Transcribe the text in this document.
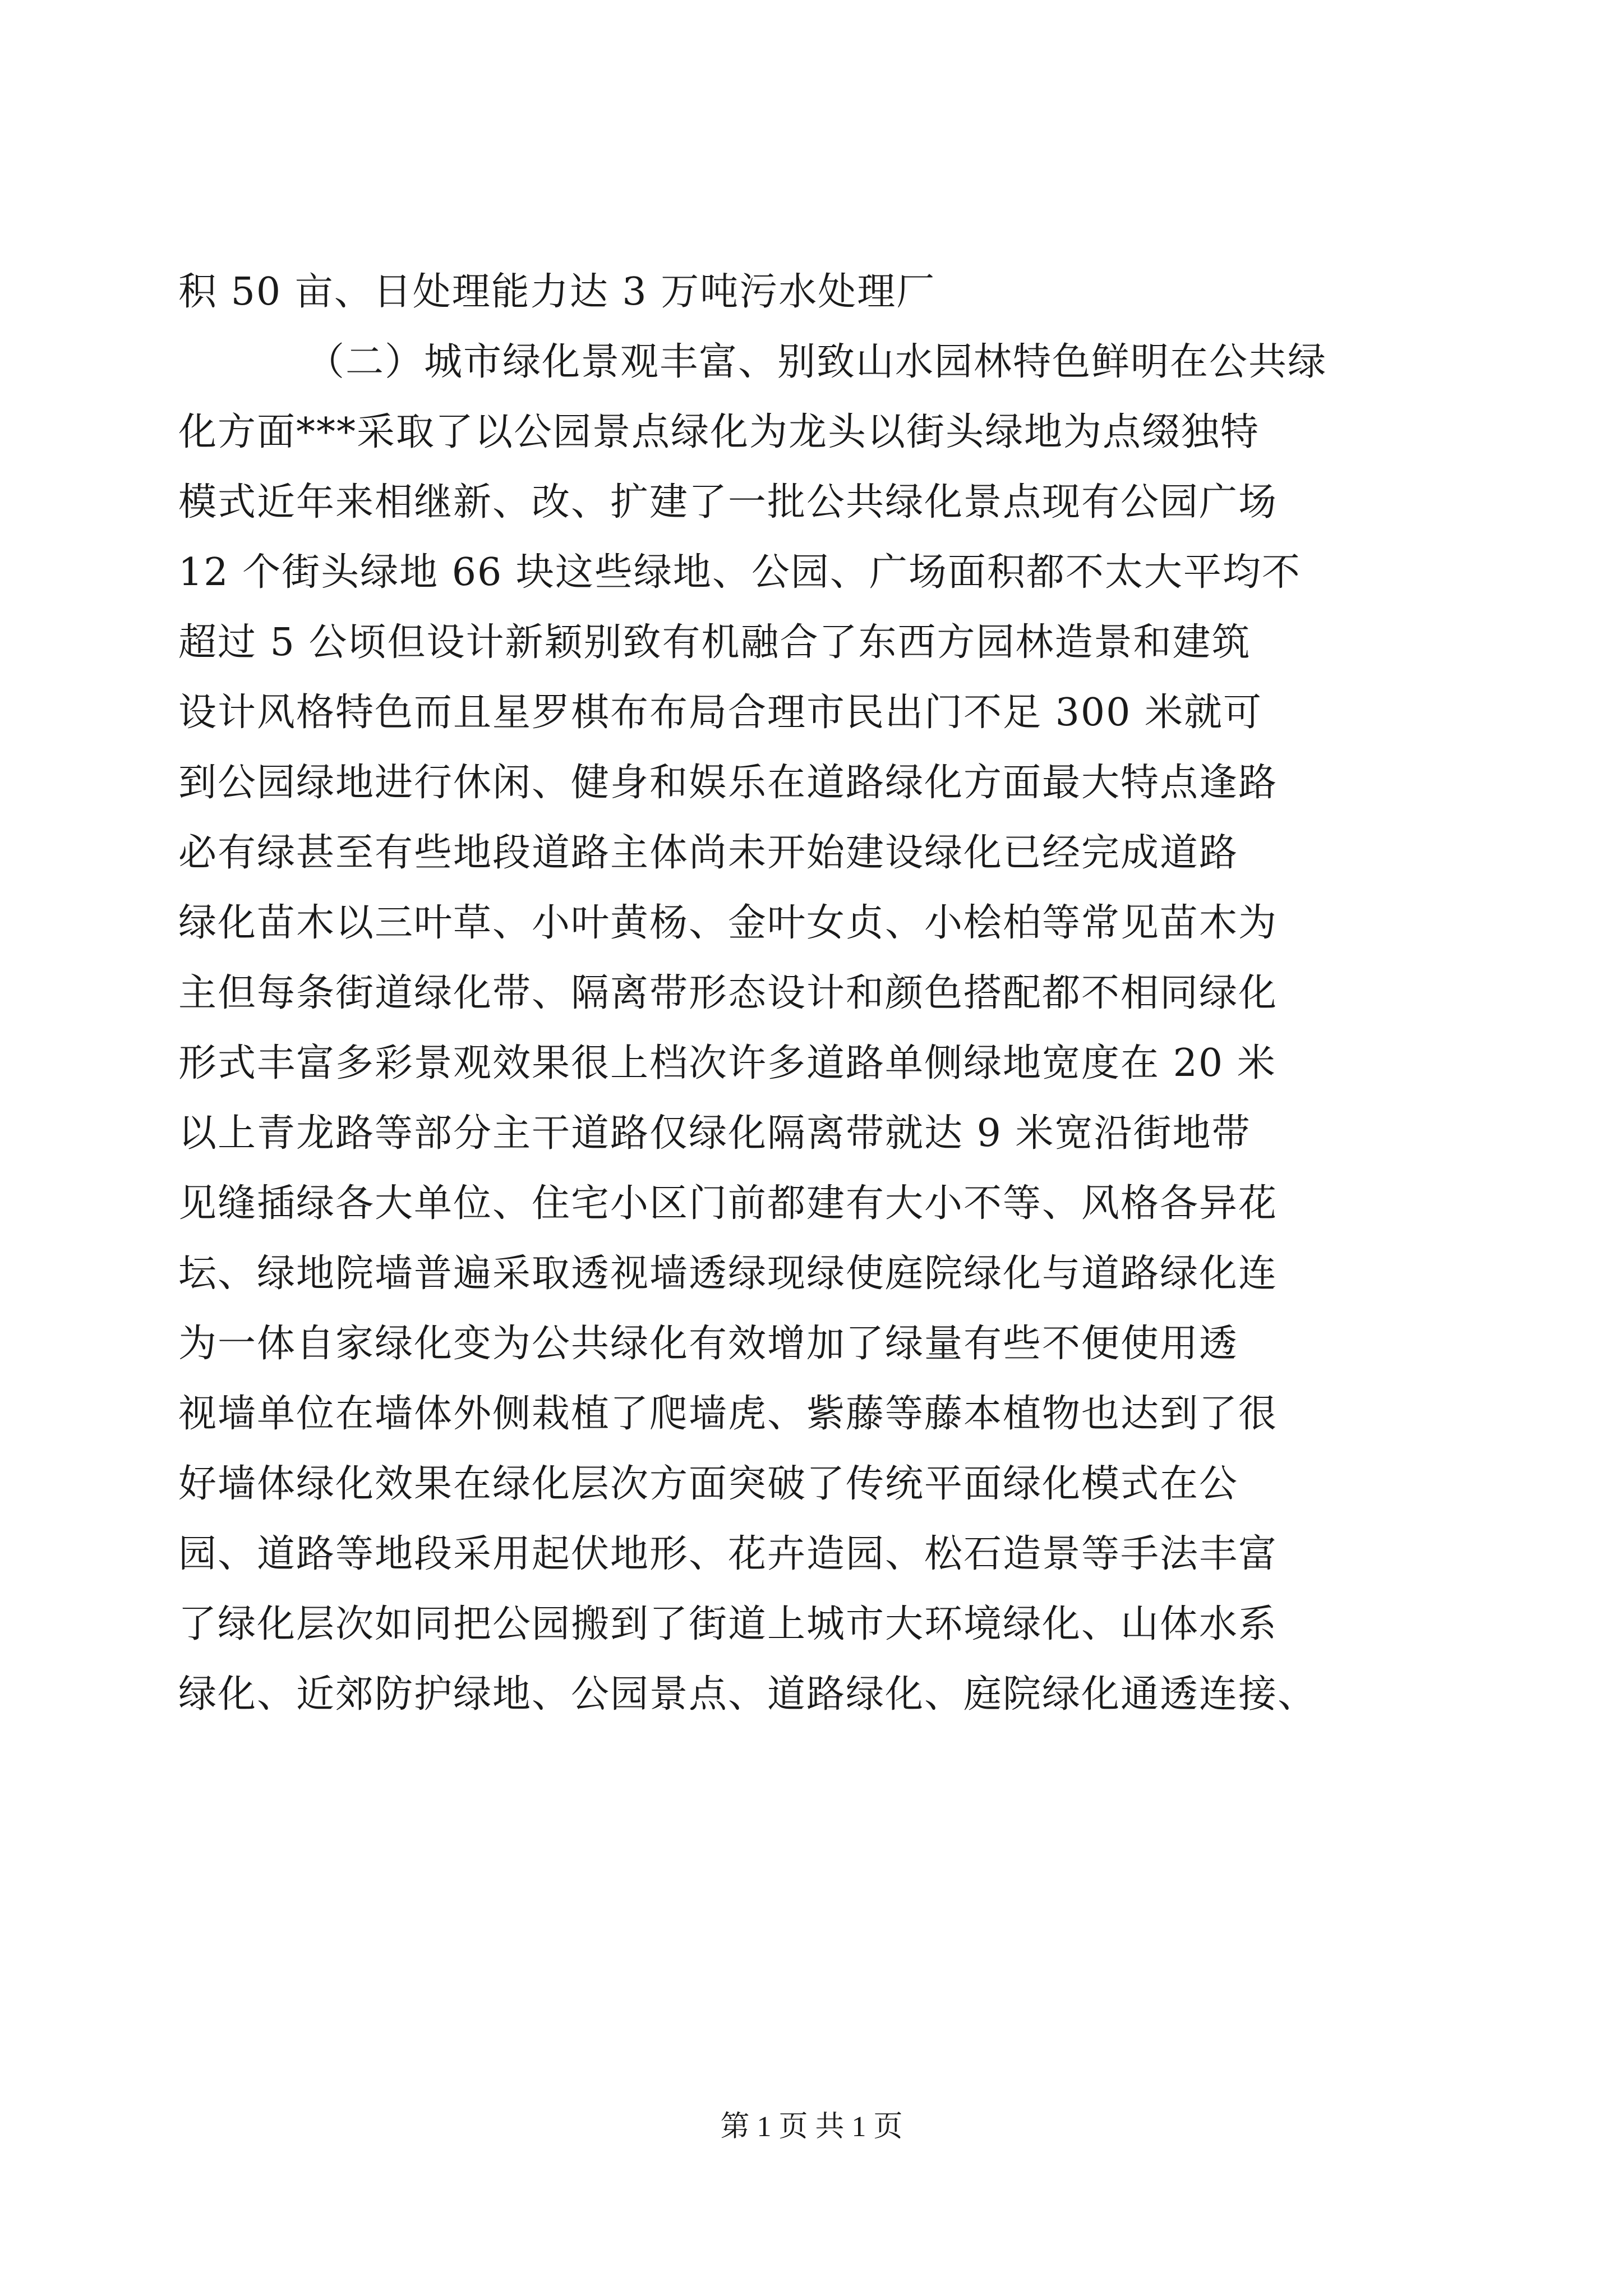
积 50 亩、日处理能力达 3 万吨污水处理厂
（二）城市绿化景观丰富、别致山水园林特色鲜明在公共绿
化方面***采取了以公园景点绿化为龙头以街头绿地为点缀独特
模式近年来相继新、改、扩建了一批公共绿化景点现有公园广场
12 个街头绿地 66 块这些绿地、公园、广场面积都不太大平均不
超过 5 公顷但设计新颖别致有机融合了东西方园林造景和建筑
设计风格特色而且星罗棋布布局合理市民出门不足 300 米就可
到公园绿地进行休闲、健身和娱乐在道路绿化方面最大特点逢路
必有绿甚至有些地段道路主体尚未开始建设绿化已经完成道路
绿化苗木以三叶草、小叶黄杨、金叶女贞、小桧柏等常见苗木为
主但每条街道绿化带、隔离带形态设计和颜色搭配都不相同绿化
形式丰富多彩景观效果很上档次许多道路单侧绿地宽度在 20 米
以上青龙路等部分主干道路仅绿化隔离带就达 9 米宽沿街地带
见缝插绿各大单位、住宅小区门前都建有大小不等、风格各异花
坛、绿地院墙普遍采取透视墙透绿现绿使庭院绿化与道路绿化连
为一体自家绿化变为公共绿化有效增加了绿量有些不便使用透
视墙单位在墙体外侧栽植了爬墙虎、紫藤等藤本植物也达到了很
好墙体绿化效果在绿化层次方面突破了传统平面绿化模式在公
园、道路等地段采用起伏地形、花卉造园、松石造景等手法丰富
了绿化层次如同把公园搬到了街道上城市大环境绿化、山体水系
绿化、近郊防护绿地、公园景点、道路绿化、庭院绿化通透连接、
第 1 页 共 1 页
